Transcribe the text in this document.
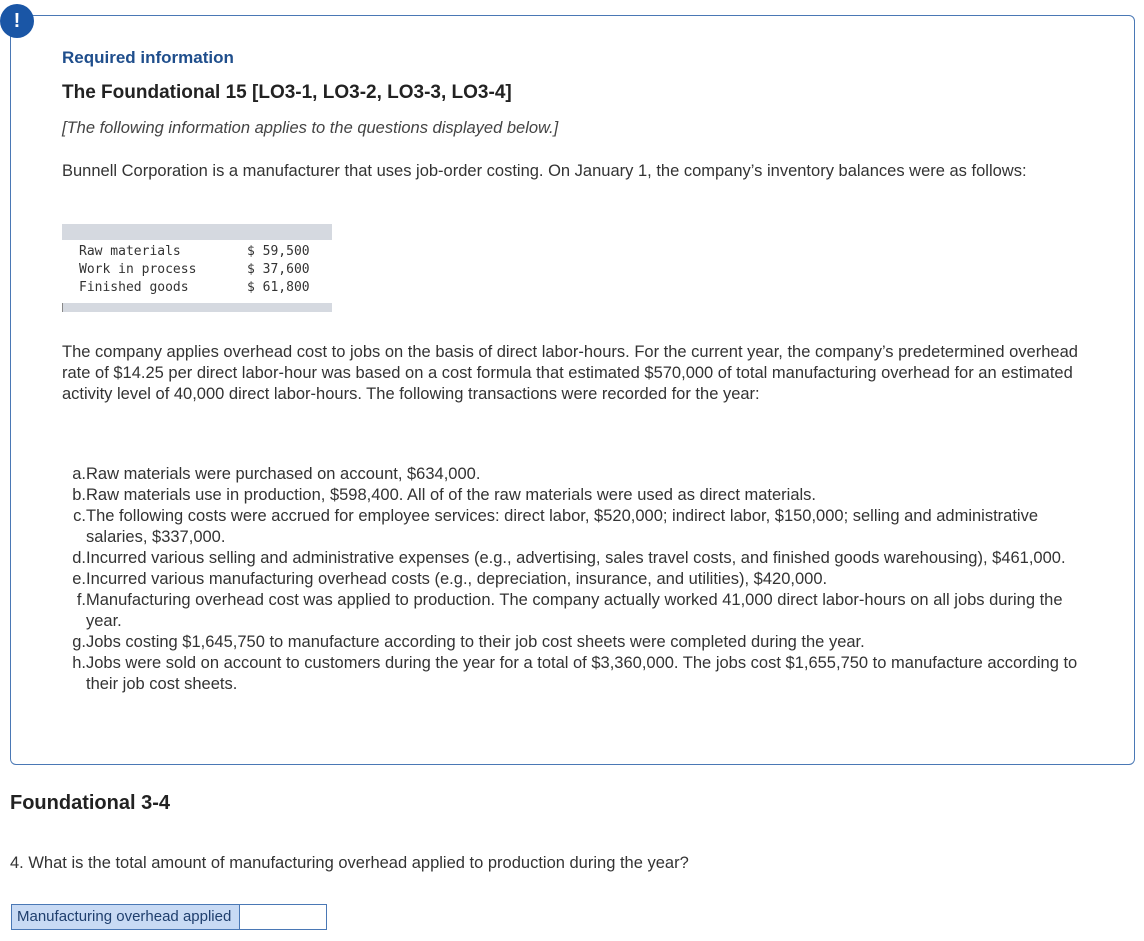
!
Required information
The Foundational 15 [LO3-1, LO3-2, LO3-3, LO3-4]
[The following information applies to the questions displayed below.]
Bunnell Corporation is a manufacturer that uses job-order costing. On January 1, the company’s inventory balances were as follows:
Raw materials	$ 59,500
Work in process	$ 37,600
Finished goods	$ 61,800
The company applies overhead cost to jobs on the basis of direct labor-hours. For the current year, the company’s predetermined overhead rate of $14.25 per direct labor-hour was based on a cost formula that estimated $570,000 of total manufacturing overhead for an estimated activity level of 40,000 direct labor-hours. The following transactions were recorded for the year:
a. Raw materials were purchased on account, $634,000.
b. Raw materials use in production, $598,400. All of of the raw materials were used as direct materials.
c. The following costs were accrued for employee services: direct labor, $520,000; indirect labor, $150,000; selling and administrative salaries, $337,000.
d. Incurred various selling and administrative expenses (e.g., advertising, sales travel costs, and finished goods warehousing), $461,000.
e. Incurred various manufacturing overhead costs (e.g., depreciation, insurance, and utilities), $420,000.
f. Manufacturing overhead cost was applied to production. The company actually worked 41,000 direct labor-hours on all jobs during the year.
g. Jobs costing $1,645,750 to manufacture according to their job cost sheets were completed during the year.
h. Jobs were sold on account to customers during the year for a total of $3,360,000. The jobs cost $1,655,750 to manufacture according to their job cost sheets.
Foundational 3-4
4. What is the total amount of manufacturing overhead applied to production during the year?
Manufacturing overhead applied
